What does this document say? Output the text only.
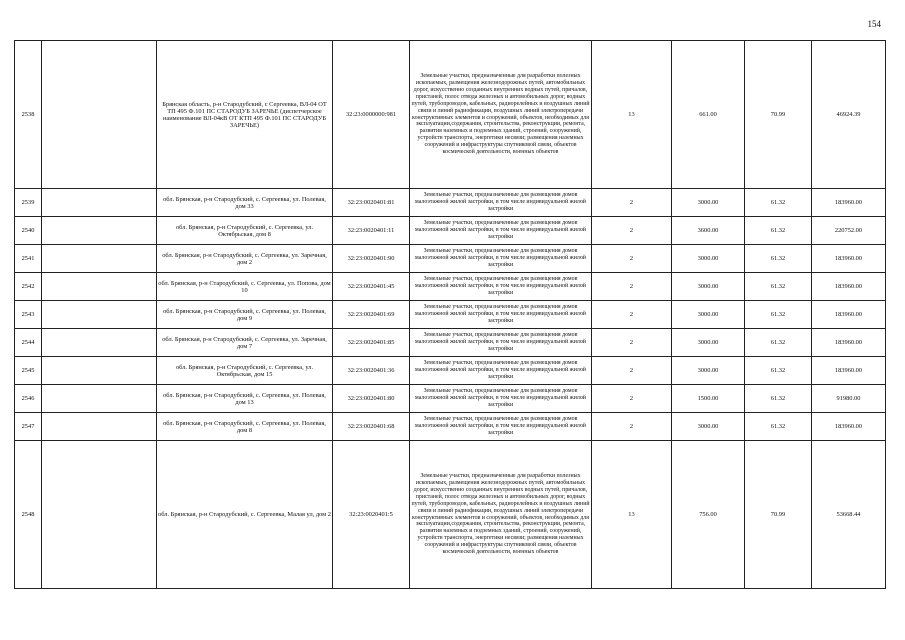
154
2538		Брянская область, р-н Стародубский, с Сергеевка, ВЛ-04 ОТ ТП 495 Ф.101 ПС СТАРОДУБ ЗАРЕЧЬЕ (диспетчерское наименование ВЛ-04кВ ОТ КТП 495 Ф.101 ПС СТАРОДУБ ЗАРЕЧЬЕ)	32:23:0000000:981	Земельные участки, предназначенные для разработки полезных ископаемых, размещения железнодорожных путей, автомобильных дорог, искусственно созданных внутренних водных путей, причалов, пристаней, полос отвода железных и автомобильных дорог, водных путей, трубопроводов, кабельных, радиорелейных и воздушных линий связи и линий радиофикации, воздушных линий электропередачи конструктивных элементов и сооружений, объектов, необходимых для эксплуатации,содержания, строительства, реконструкции, ремонта, развития наземных и подземных зданий, строений, сооружений, устройств транспорта, энергетики несвязи; размещения наземных сооружений и инфраструктуры спутниковой связи, объектов космической деятельности, военных объектов	13	661.00	70.99	46924.39
2539		обл. Брянская, р-н Стародубский, с. Сергеевка, ул. Полевая, дом 33	32:23:0020401:81	Земельные участки, предназначенные для размещения домов малоэтажной жилой застройки, в том числе индивидуальной жилой застройки	2	3000.00	61.32	183960.00
2540		обл. Брянская, р-н Стародубский, с. Сергеевка, ул. Октябрьская, дом 8	32:23:0020401:11	Земельные участки, предназначенные для размещения домов малоэтажной жилой застройки, в том числе индивидуальной жилой застройки	2	3600.00	61.32	220752.00
2541		обл. Брянская, р-н Стародубский, с. Сергеевка, ул. Заречная, дом 2	32:23:0020401:90	Земельные участки, предназначенные для размещения домов малоэтажной жилой застройки, в том числе индивидуальной жилой застройки	2	3000.00	61.32	183960.00
2542		обл. Брянская, р-н Стародубский, с. Сергеевка, ул. Попова, дом 10	32:23:0020401:45	Земельные участки, предназначенные для размещения домов малоэтажной жилой застройки, в том числе индивидуальной жилой застройки	2	3000.00	61.32	183960.00
2543		обл. Брянская, р-н Стародубский, с. Сергеевка, ул. Полевая, дом 9	32:23:0020401:69	Земельные участки, предназначенные для размещения домов малоэтажной жилой застройки, в том числе индивидуальной жилой застройки	2	3000.00	61.32	183960.00
2544		обл. Брянская, р-н Стародубский, с. Сергеевка, ул. Заречная, дом 7	32:23:0020401:85	Земельные участки, предназначенные для размещения домов малоэтажной жилой застройки, в том числе индивидуальной жилой застройки	2	3000.00	61.32	183960.00
2545		обл. Брянская, р-н Стародубский, с. Сергеевка, ул. Октябрьская, дом 15	32:23:0020401:36	Земельные участки, предназначенные для размещения домов малоэтажной жилой застройки, в том числе индивидуальной жилой застройки	2	3000.00	61.32	183960.00
2546		обл. Брянская, р-н Стародубский, с. Сергеевка, ул. Полевая, дом 13	32:23:0020401:80	Земельные участки, предназначенные для размещения домов малоэтажной жилой застройки, в том числе индивидуальной жилой застройки	2	1500.00	61.32	91980.00
2547		обл. Брянская, р-н Стародубский, с. Сергеевка, ул. Полевая, дом 8	32:23:0020401:68	Земельные участки, предназначенные для размещения домов малоэтажной жилой застройки, в том числе индивидуальной жилой застройки	2	3000.00	61.32	183960.00
2548		обл. Брянская, р-н Стародубский, с. Сергеевка, Малая ул, дом 2	32:23:0020401:5	Земельные участки, предназначенные для разработки полезных ископаемых, размещения железнодорожных путей, автомобильных дорог, искусственно созданных внутренних водных путей, причалов, пристаней, полос отвода железных и автомобильных дорог, водных путей, трубопроводов, кабельных, радиорелейных и воздушных линий связи и линий радиофикации, воздушных линий электропередачи конструктивных элементов и сооружений, объектов, необходимых для эксплуатации,содержания, строительства, реконструкции, ремонта, развития наземных и подземных зданий, строений, сооружений, устройств транспорта, энергетики несвязи; размещения наземных сооружений и инфраструктуры спутниковой связи, объектов космической деятельности, военных объектов	13	756.00	70.99	53668.44
